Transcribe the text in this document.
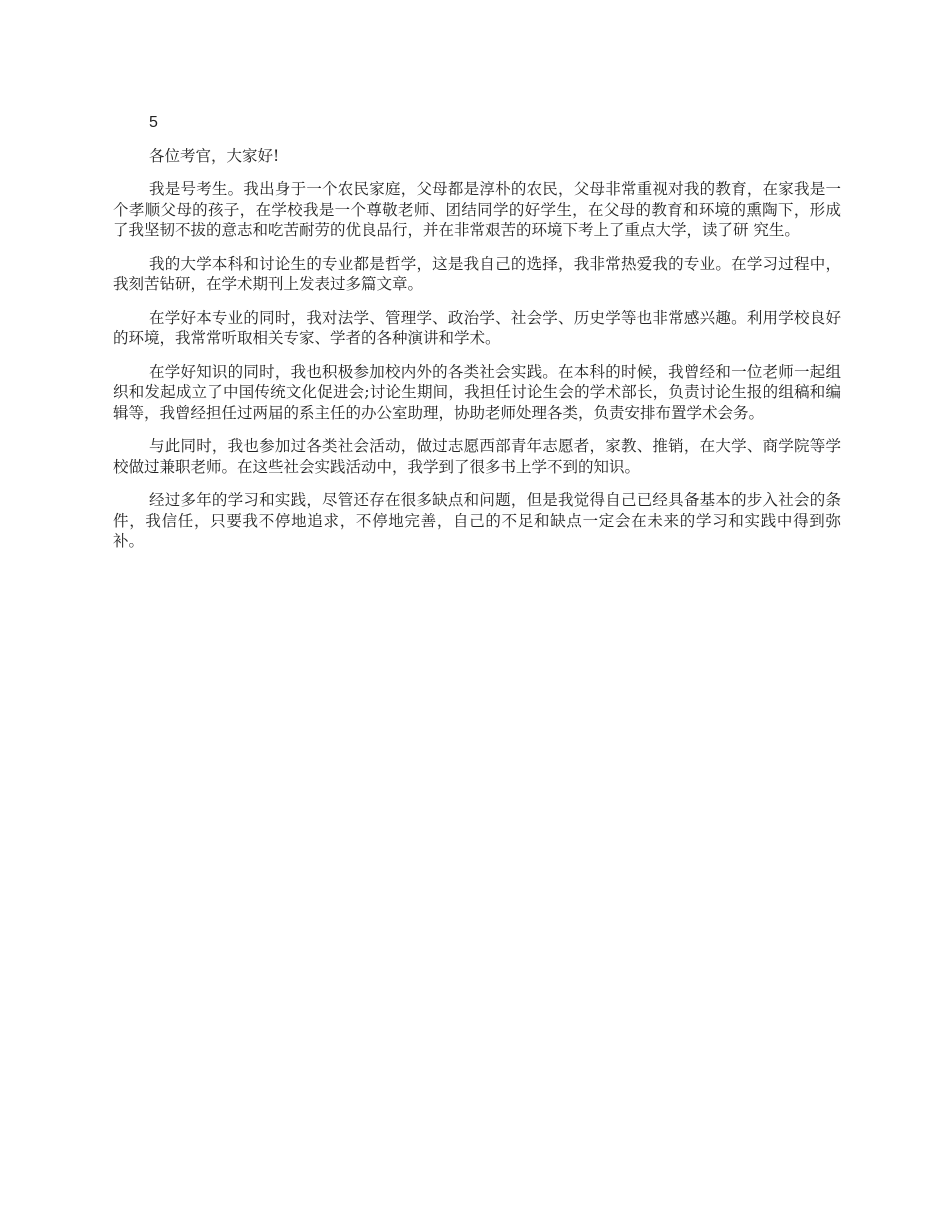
5

各位考官，大家好!

我是号考生。我出身于一个农民家庭，父母都是淳朴的农民，父母非常重视对我的教育，在家我是一个孝顺父母的孩子，在学校我是一个尊敬老师、团结同学的好学生，在父母的教育和环境的熏陶下，形成了我坚韧不拔的意志和吃苦耐劳的优良品行，并在非常艰苦的环境下考上了重点大学，读了研 究生。

我的大学本科和讨论生的专业都是哲学，这是我自己的选择，我非常热爱我的专业。在学习过程中，我刻苦钻研，在学术期刊上发表过多篇文章。

在学好本专业的同时，我对法学、管理学、政治学、社会学、历史学等也非常感兴趣。利用学校良好的环境，我常常听取相关专家、学者的各种演讲和学术。

在学好知识的同时，我也积极参加校内外的各类社会实践。在本科的时候，我曾经和一位老师一起组织和发起成立了中国传统文化促进会;讨论生期间，我担任讨论生会的学术部长，负责讨论生报的组稿和编辑等，我曾经担任过两届的系主任的办公室助理，协助老师处理各类，负责安排布置学术会务。

与此同时，我也参加过各类社会活动，做过志愿西部青年志愿者，家教、推销，在大学、商学院等学校做过兼职老师。在这些社会实践活动中，我学到了很多书上学不到的知识。

经过多年的学习和实践，尽管还存在很多缺点和问题，但是我觉得自己已经具备基本的步入社会的条件，我信任，只要我不停地追求，不停地完善，自己的不足和缺点一定会在未来的学习和实践中得到弥补。
